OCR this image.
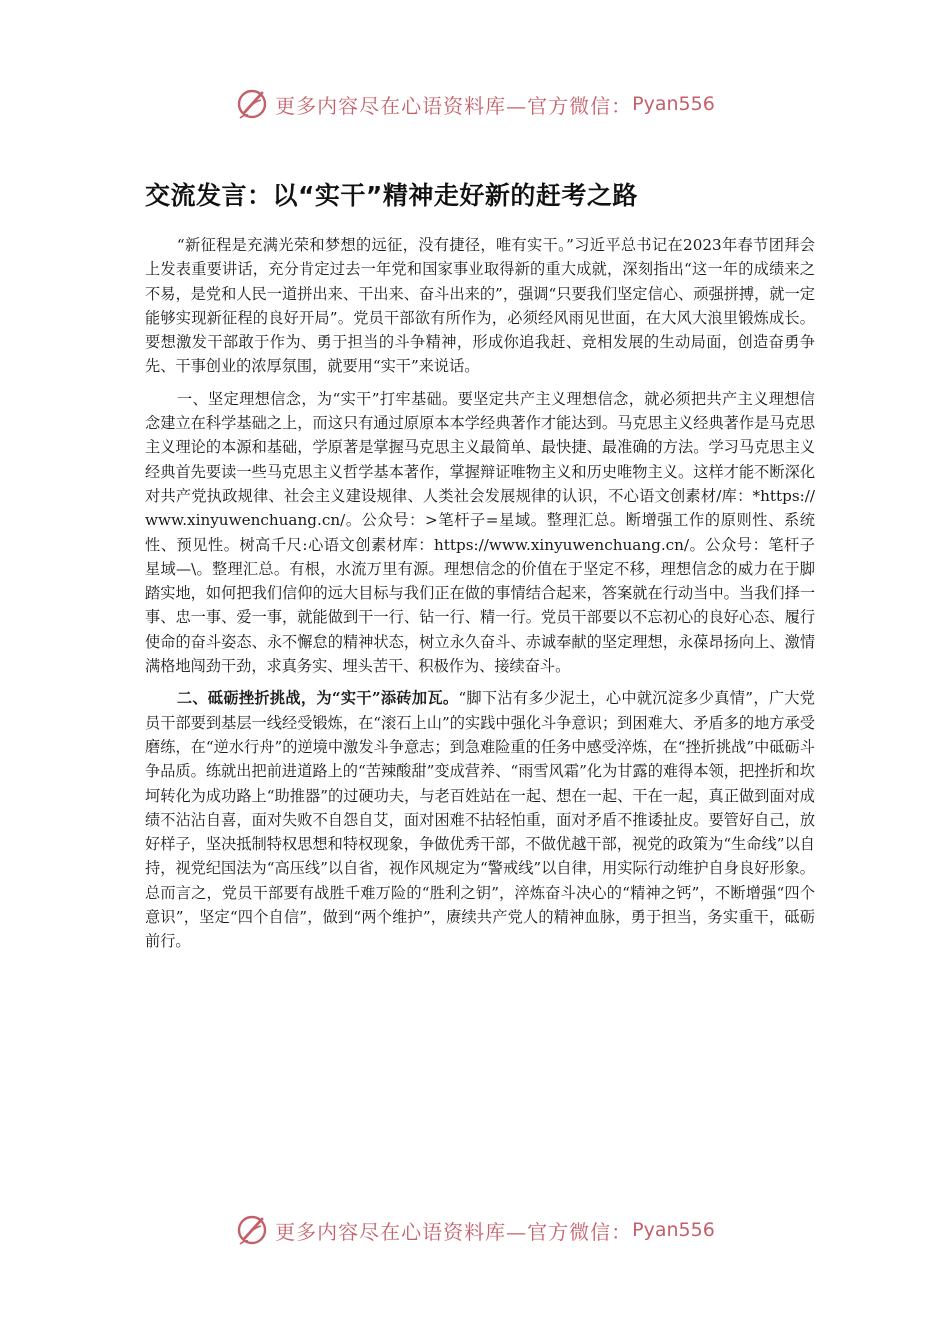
更多内容尽在心语资料库—官方微信： Pyan556
交流发言：以“实干”精神走好新的赶考之路

“新征程是充满光荣和梦想的远征，没有捷径，唯有实干。”习近平总书记在2023年春节团拜会上发表重要讲话，充分肯定过去一年党和国家事业取得新的重大成就，深刻指出“这一年的成绩来之不易，是党和人民一道拼出来、干出来、奋斗出来的”，强调“只要我们坚定信心、顽强拼搏，就一定能够实现新征程的良好开局”。党员干部欲有所作为，必须经风雨见世面，在大风大浪里锻炼成长。要想激发干部敢于作为、勇于担当的斗争精神，形成你追我赶、竞相发展的生动局面，创造奋勇争先、干事创业的浓厚氛围，就要用“实干”来说话。

一、坚定理想信念，为“实干”打牢基础。要坚定共产主义理想信念，就必须把共产主义理想信念建立在科学基础之上，而这只有通过原原本本学经典著作才能达到。马克思主义经典著作是马克思主义理论的本源和基础，学原著是掌握马克思主义最简单、最快捷、最准确的方法。学习马克思主义经典首先要读一些马克思主义哲学基本著作，掌握辩证唯物主义和历史唯物主义。这样才能不断深化对共产党执政规律、社会主义建设规律、人类社会发展规律的认识，不心语文创素材/库：*https://www.xinyuwenchuang.cn/。公众号：>笔杆子=星域。整理汇总。断增强工作的原则性、系统性、预见性。树高千尺:心语文创素材库：https://www.xinyuwenchuang.cn/。公众号：笔杆子星域—\。整理汇总。有根，水流万里有源。理想信念的价值在于坚定不移，理想信念的威力在于脚踏实地，如何把我们信仰的远大目标与我们正在做的事情结合起来，答案就在行动当中。当我们择一事、忠一事、爱一事，就能做到干一行、钻一行、精一行。党员干部要以不忘初心的良好心态、履行使命的奋斗姿态、永不懈怠的精神状态，树立永久奋斗、赤诚奉献的坚定理想，永葆昂扬向上、激情满格地闯劲干劲，求真务实、埋头苦干、积极作为、接续奋斗。

二、砥砺挫折挑战，为“实干”添砖加瓦。“脚下沾有多少泥土，心中就沉淀多少真情”，广大党员干部要到基层一线经受锻炼，在“滚石上山”的实践中强化斗争意识；到困难大、矛盾多的地方承受磨练，在“逆水行舟”的逆境中激发斗争意志；到急难险重的任务中感受淬炼，在“挫折挑战”中砥砺斗争品质。练就出把前进道路上的“苦辣酸甜”变成营养、“雨雪风霜”化为甘露的难得本领，把挫折和坎坷转化为成功路上“助推器”的过硬功夫，与老百姓站在一起、想在一起、干在一起，真正做到面对成绩不沾沾自喜，面对失败不自怨自艾，面对困难不拈轻怕重，面对矛盾不推诿扯皮。要管好自己，放好样子，坚决抵制特权思想和特权现象，争做优秀干部，不做优越干部，视党的政策为“生命线”以自持，视党纪国法为“高压线”以自省，视作风规定为“警戒线”以自律，用实际行动维护自身良好形象。总而言之，党员干部要有战胜千难万险的“胜利之钥”，淬炼奋斗决心的“精神之钙”，不断增强“四个意识”，坚定“四个自信”，做到“两个维护”，赓续共产党人的精神血脉，勇于担当，务实重干，砥砺前行。

更多内容尽在心语资料库—官方微信： Pyan556
